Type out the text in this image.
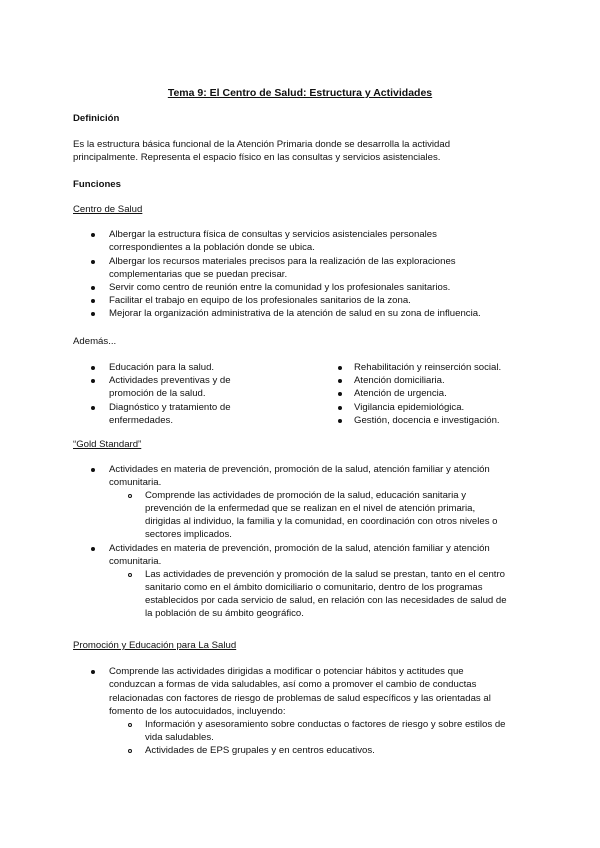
Tema 9: El Centro de Salud: Estructura y Actividades
Definición
Es la estructura básica funcional de la Atención Primaria donde se desarrolla la actividad
principalmente. Representa el espacio físico en las consultas y servicios asistenciales.
Funciones
Centro de Salud
Albergar la estructura física de consultas y servicios asistenciales personales
correspondientes a la población donde se ubica.
Albergar los recursos materiales precisos para la realización de las exploraciones
complementarias que se puedan precisar.
Servir como centro de reunión entre la comunidad y los profesionales sanitarios.
Facilitar el trabajo en equipo de los profesionales sanitarios de la zona.
Mejorar la organización administrativa de la atención de salud en su zona de influencia.
Además...
Educación para la salud.
Actividades preventivas y de
promoción de la salud.
Diagnóstico y tratamiento de
enfermedades.
Rehabilitación y reinserción social.
Atención domiciliaria.
Atención de urgencia.
Vigilancia epidemiológica.
Gestión, docencia e investigación.
“Gold Standard”
Actividades en materia de prevención, promoción de la salud, atención familiar y atención
comunitaria.
Comprende las actividades de promoción de la salud, educación sanitaria y
prevención de la enfermedad que se realizan en el nivel de atención primaria,
dirigidas al individuo, la familia y la comunidad, en coordinación con otros niveles o
sectores implicados.
Actividades en materia de prevención, promoción de la salud, atención familiar y atención
comunitaria.
Las actividades de prevención y promoción de la salud se prestan, tanto en el centro
sanitario como en el ámbito domiciliario o comunitario, dentro de los programas
establecidos por cada servicio de salud, en relación con las necesidades de salud de
la población de su ámbito geográfico.
Promoción y Educación para La Salud
Comprende las actividades dirigidas a modificar o potenciar hábitos y actitudes que
conduzcan a formas de vida saludables, así como a promover el cambio de conductas
relacionadas con factores de riesgo de problemas de salud específicos y las orientadas al
fomento de los autocuidados, incluyendo:
Información y asesoramiento sobre conductas o factores de riesgo y sobre estilos de
vida saludables.
Actividades de EPS grupales y en centros educativos.
